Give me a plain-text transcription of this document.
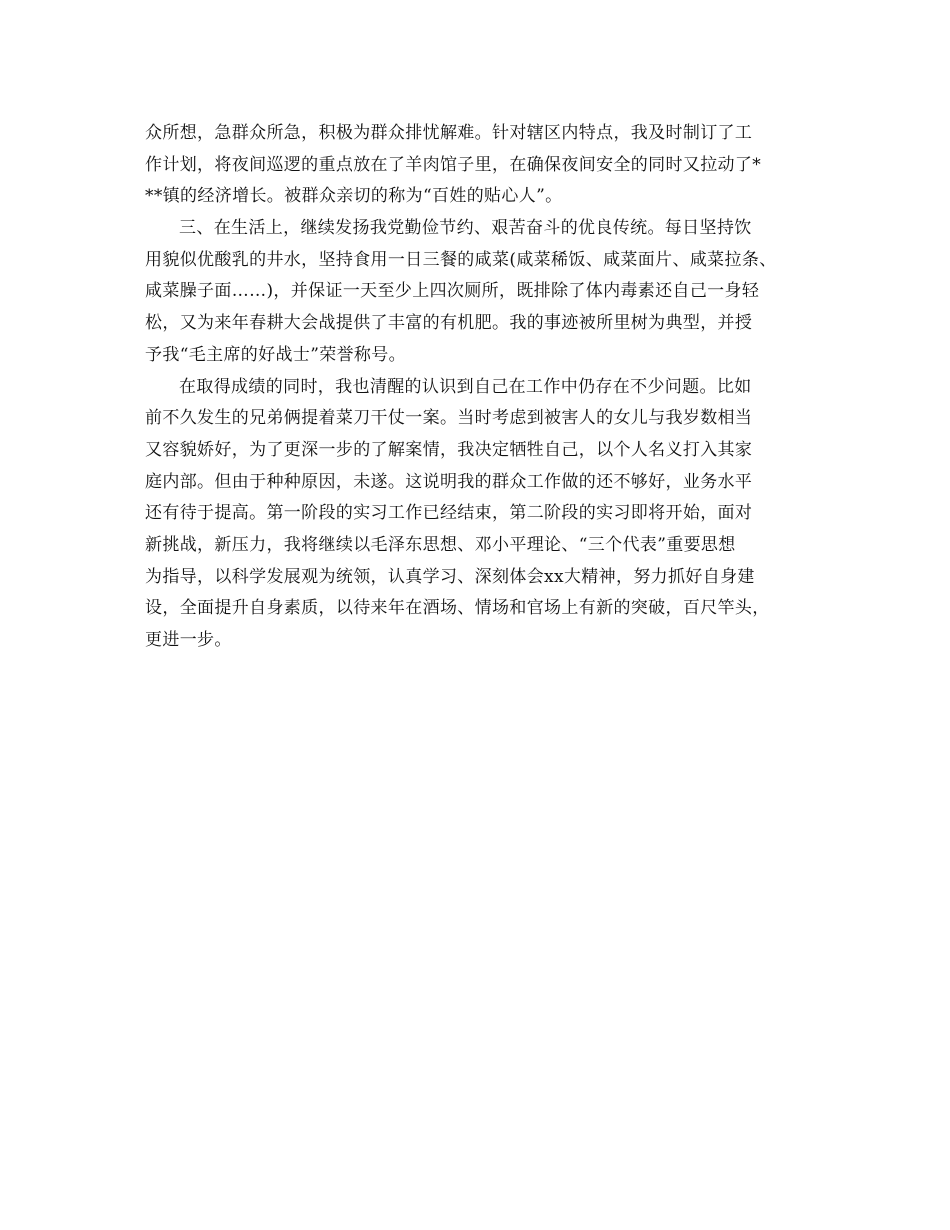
众所想，急群众所急，积极为群众排忧解难。针对辖区内特点，我及时制订了工
作计划，将夜间巡逻的重点放在了羊肉馆子里，在确保夜间安全的同时又拉动了*
**镇的经济增长。被群众亲切的称为“百姓的贴心人”。
三、在生活上，继续发扬我党勤俭节约、艰苦奋斗的优良传统。每日坚持饮
用貌似优酸乳的井水，坚持食用一日三餐的咸菜(咸菜稀饭、咸菜面片、咸菜拉条、
咸菜臊子面……)，并保证一天至少上四次厕所，既排除了体内毒素还自己一身轻
松，又为来年春耕大会战提供了丰富的有机肥。我的事迹被所里树为典型，并授
予我“毛主席的好战士”荣誉称号。
在取得成绩的同时，我也清醒的认识到自己在工作中仍存在不少问题。比如
前不久发生的兄弟俩提着菜刀干仗一案。当时考虑到被害人的女儿与我岁数相当
又容貌娇好，为了更深一步的了解案情，我决定牺牲自己，以个人名义打入其家
庭内部。但由于种种原因，未遂。这说明我的群众工作做的还不够好，业务水平
还有待于提高。第一阶段的实习工作已经结束，第二阶段的实习即将开始，面对
新挑战，新压力，我将继续以毛泽东思想、邓小平理论、“三个代表”重要思想
为指导，以科学发展观为统领，认真学习、深刻体会xx大精神，努力抓好自身建
设，全面提升自身素质，以待来年在酒场、情场和官场上有新的突破，百尺竿头，
更进一步。
